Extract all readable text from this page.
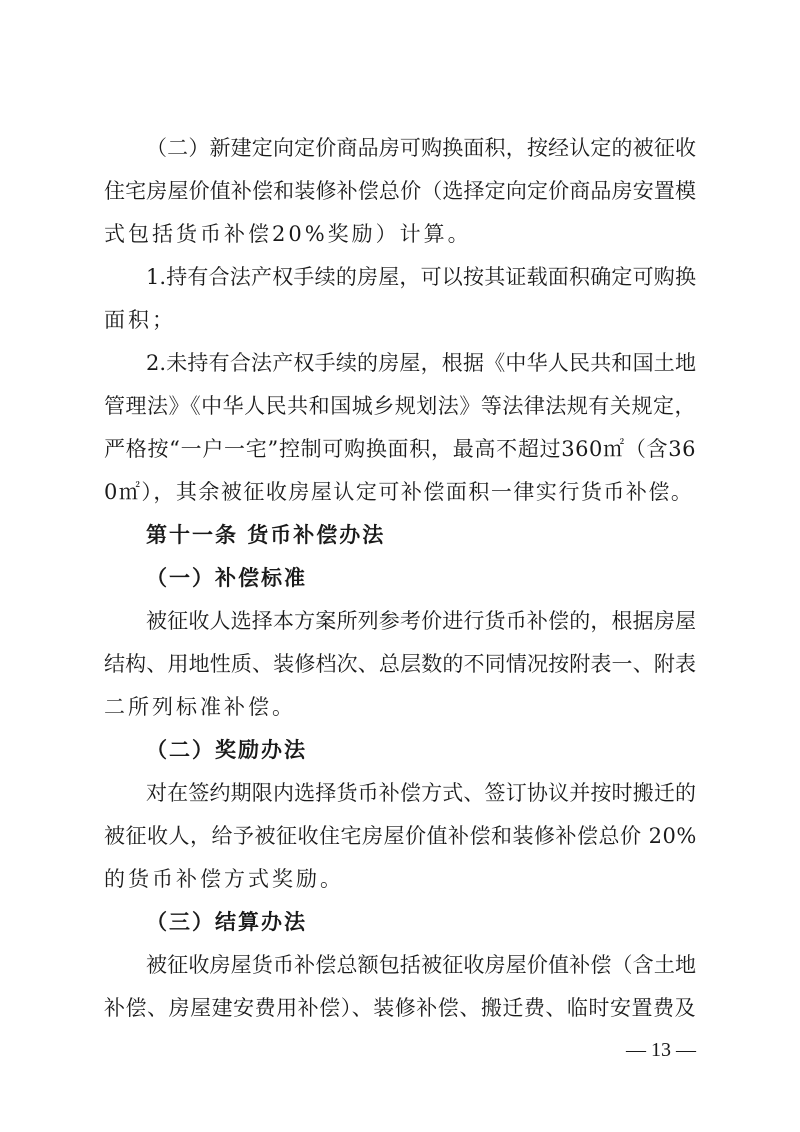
（二）新建定向定价商品房可购换面积，按经认定的被征收
住宅房屋价值补偿和装修补偿总价（选择定向定价商品房安置模
式包括货币补偿20%奖励）计算。
1.持有合法产权手续的房屋，可以按其证载面积确定可购换
面积；
2.未持有合法产权手续的房屋，根据《中华人民共和国土地
管理法》《中华人民共和国城乡规划法》等法律法规有关规定，
严格按“一户一宅”控制可购换面积，最高不超过360㎡（含36
0㎡），其余被征收房屋认定可补偿面积一律实行货币补偿。
第十一条 货币补偿办法
（一）补偿标准
被征收人选择本方案所列参考价进行货币补偿的，根据房屋
结构、用地性质、装修档次、总层数的不同情况按附表一、附表
二所列标准补偿。
（二）奖励办法
对在签约期限内选择货币补偿方式、签订协议并按时搬迁的
被征收人，给予被征收住宅房屋价值补偿和装修补偿总价 20%
的货币补偿方式奖励。
（三）结算办法
被征收房屋货币补偿总额包括被征收房屋价值补偿（含土地
补偿、房屋建安费用补偿）、装修补偿、搬迁费、临时安置费及
— 13 —
